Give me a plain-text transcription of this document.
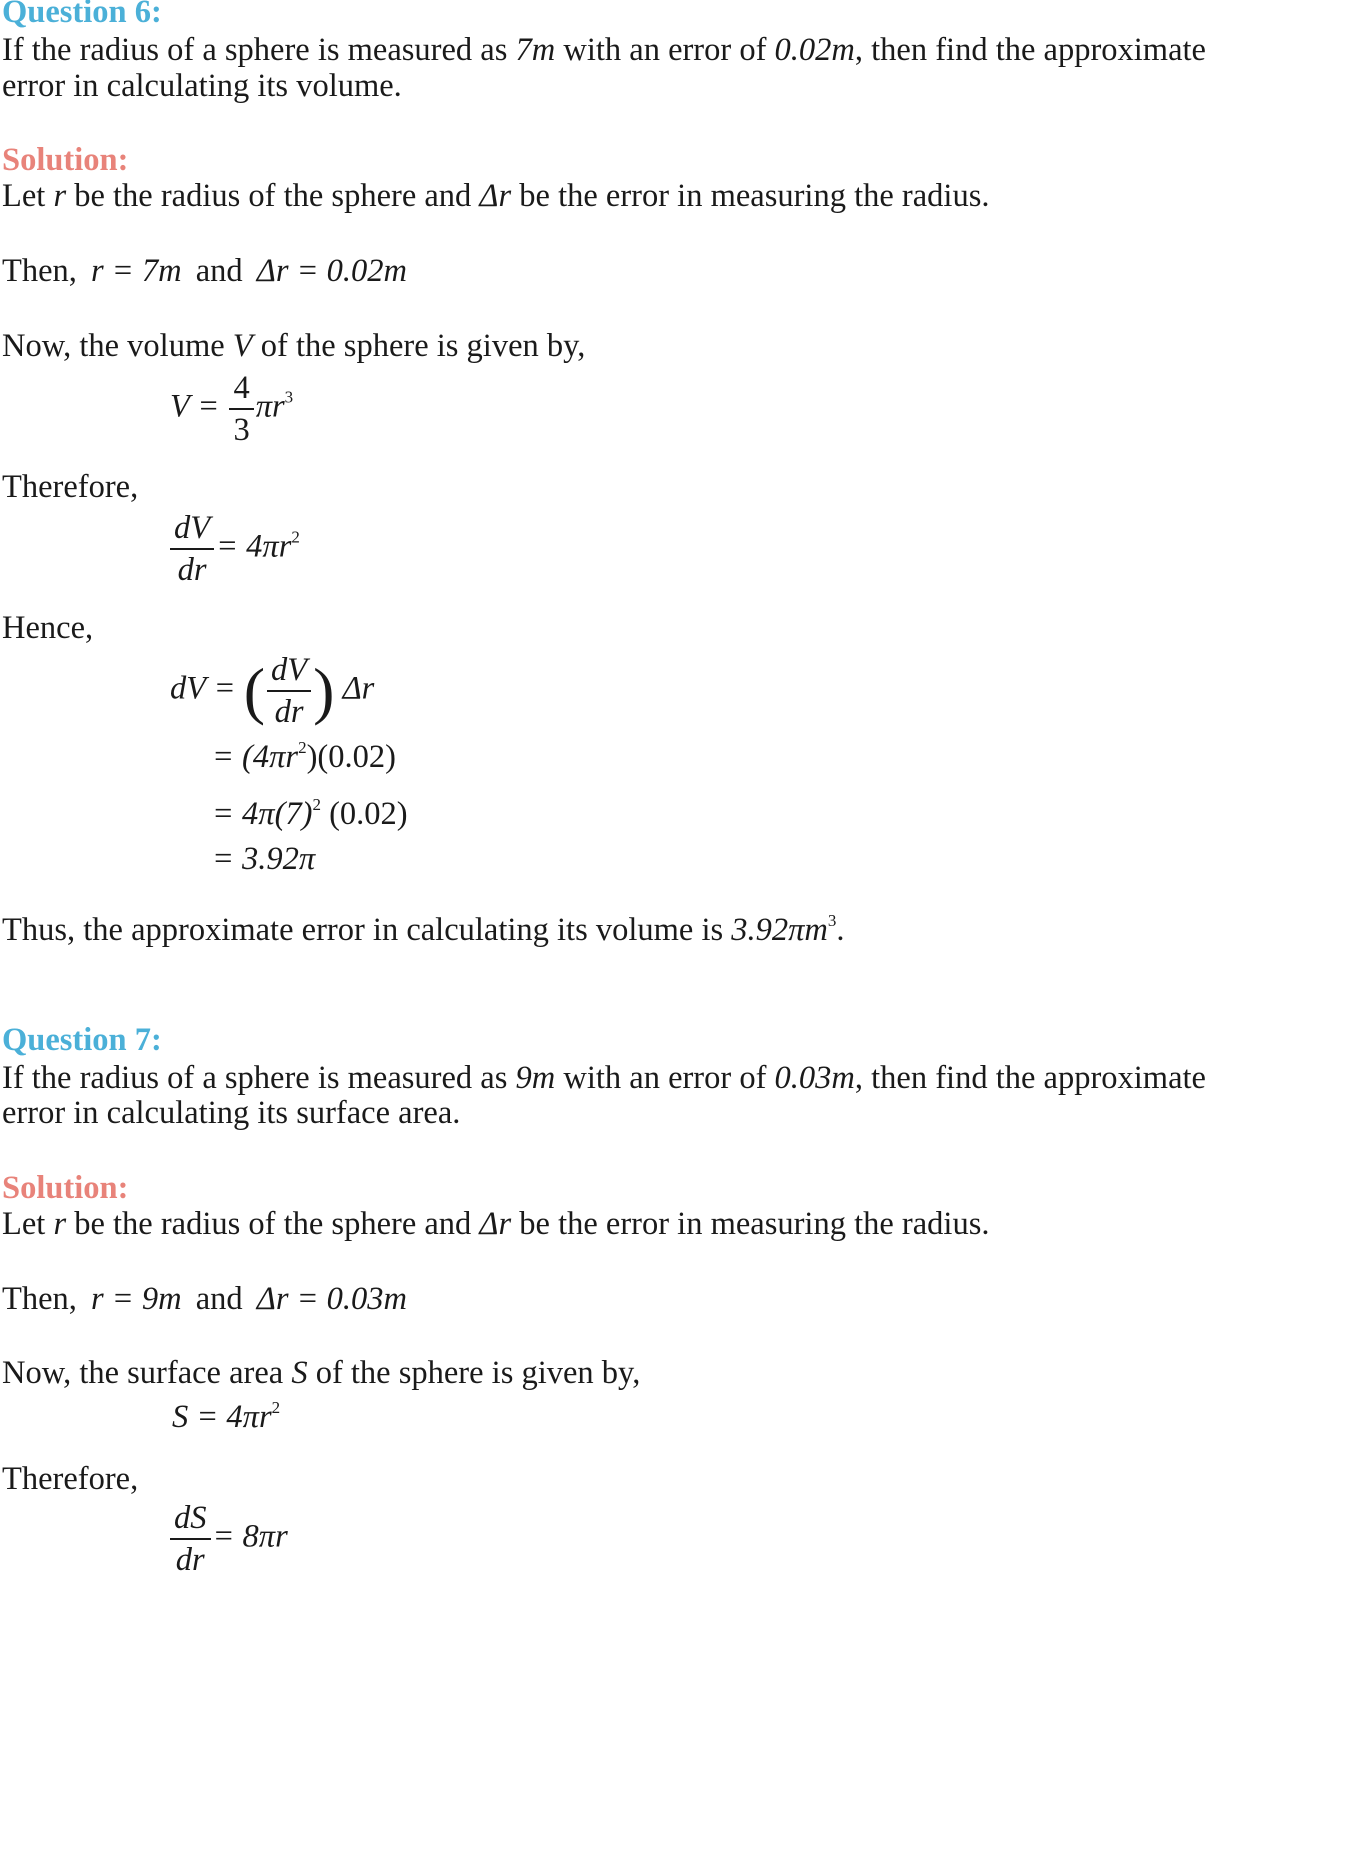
Question 6:
If the radius of a sphere is measured as 7m with an error of 0.02m, then find the approximate
error in calculating its volume.
Solution:
Let r be the radius of the sphere and Δr be the error in measuring the radius.
Then, r = 7m and Δr = 0.02m
Now, the volume V of the sphere is given by,
$V = \frac{4}{3} \pi r^3$
Therefore,
$\frac{dV}{dr} = 4\pi r^2$
Hence,
dV = ( $\frac{dV}{dr}$ ) Δr
= $(4\pi r^2)(0.02)$
= $4\pi(7)^2$ (0.02)
= 3.92π
Thus, the approximate error in calculating its volume is $3.92\pi m^3$.
Question 7:
If the radius of a sphere is measured as 9m with an error of 0.03m, then find the approximate
error in calculating its surface area.
Solution:
Let r be the radius of the sphere and Δr be the error in measuring the radius.
Then, r = 9m and Δr = 0.03m
Now, the surface area S of the sphere is given by,
$S = 4\pi r^2$
Therefore,
$\frac{dS}{dr} = 8\pi r$
